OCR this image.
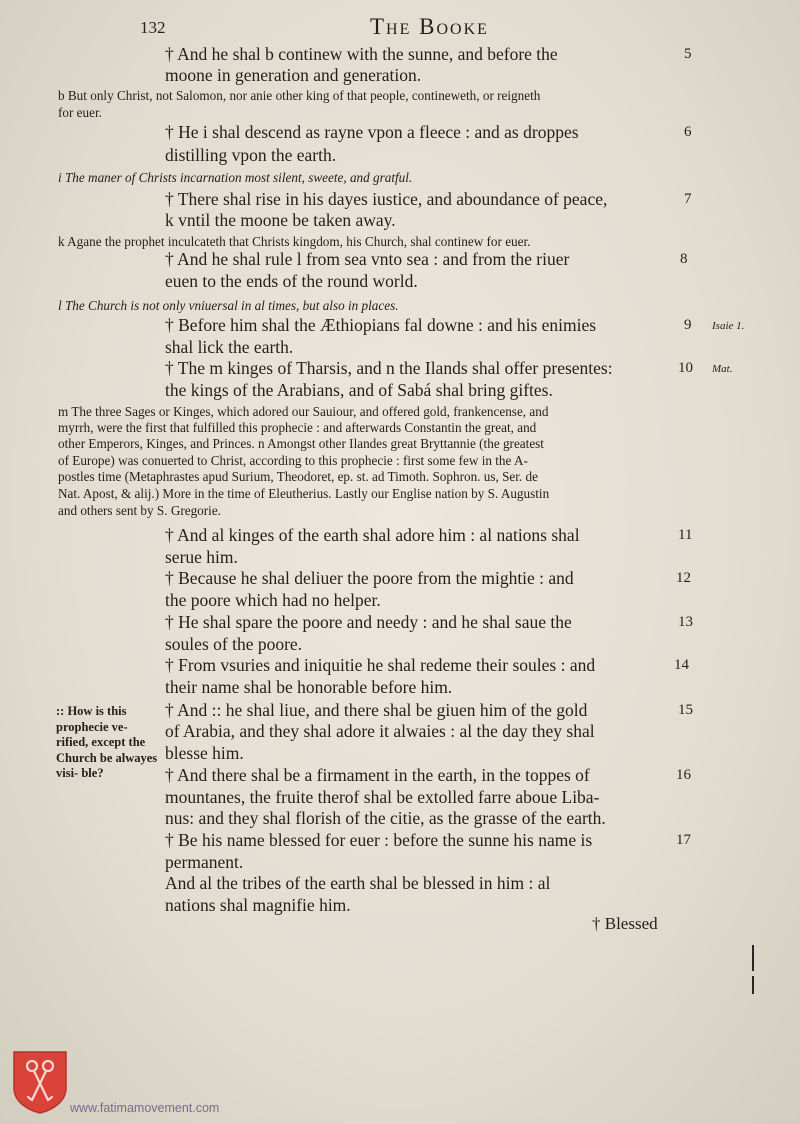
132	The Booke
† And he shal b continew with the sunne, and before the
moone in generation and generation.
b But only Christ, not Salomon, nor anie other king of that people, contineweth, or reigneth
for euer.
† He i shal descend as rayne vpon a fleece : and as droppes
distilling vpon the earth.
i The maner of Christs incarnation most silent, sweete, and gratful.
† There shal rise in his dayes iustice, and aboundance of peace,
k vntil the moone be taken away.
k Agane the prophet inculcateth that Christs kingdom, his Church, shal continew for euer.
† And he shal rule l from sea vnto sea : and from the riuer
euen to the ends of the round world.
l The Church is not only vniuersal in al times, but also in places.
† Before him shal the Æthiopians fal downe : and his enimies
shal lick the earth.
† The m kinges of Tharsis, and n the Ilands shal offer presentes:
the kings of the Arabians, and of Sabá shal bring giftes.
m The three Sages or Kinges, which adored our Sauiour, and offered gold, frankencense, and
myrrh, were the first that fulfilled this prophecie : and afterwards Constantin the great, and
other Emperors, Kinges, and Princes. n Amongst other Ilandes great Bryttannie (the greatest
of Europe) was conuerted to Christ, according to this prophecie : first some few in the A-
postles time (Metaphrastes apud Surium, Theodoret, ep. st. ad Timoth. Sophron. us, Ser. de
Nat. Apost, & alij.) More in the time of Eleutherius. Lastly our Englise nation by S. Augustin
and others sent by S. Gregorie.
† And al kinges of the earth shal adore him : al nations shal
serue him.
† Because he shal deliuer the poore from the mightie : and
the poore which had no helper.
† He shal spare the poore and needy : and he shal saue the
soules of the poore.
† From vsuries and iniquitie he shal redeme their soules : and
their name shal be honorable before him.
† And :: he shal liue, and there shal be giuen him of the gold
of Arabia, and they shal adore it alwaies : al the day they shal
blesse him.
† And there shal be a firmament in the earth, in the toppes of
mountanes, the fruite therof shal be extolled farre aboue Liba-
nus: and they shal florish of the citie, as the grasse of the earth.
† Be his name blessed for euer : before the sunne his name is
permanent.
And al the tribes of the earth shal be blessed in him : al
nations shal magnifie him.
5
6
7
8
9
10
11
12
13
14
15
16
17
Isaie 1.
Mat.
:: How is this prophecie ve- rified, except the Church be alwayes visi- ble?
† Blessed
www.fatimamovement.com
